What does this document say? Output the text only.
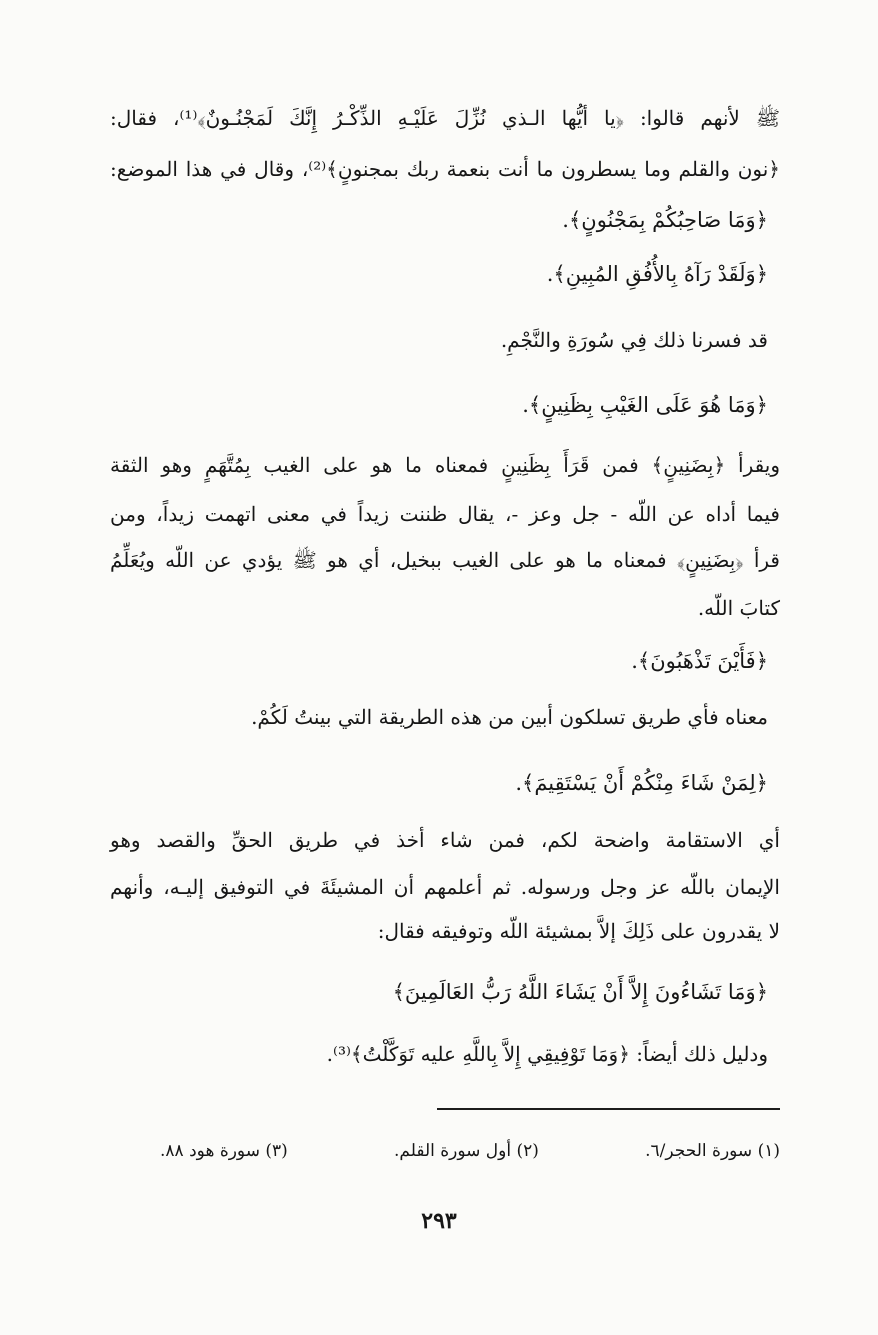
ﷺ لأنهم قالوا: ﴿يا أيُّها الـذي نُزِّلَ عَلَيْـهِ الذِّكْـرُ إِنَّكَ لَمَجْنُـونٌ﴾⁽¹⁾، فقال:
﴿نون والقلم وما يسطرون ما أنت بنعمة ربك بمجنونٍ﴾⁽²⁾، وقال في هذا الموضع:
﴿وَمَا صَاحِبُكُمْ بِمَجْنُونٍ﴾.
﴿وَلَقَدْ رَآهُ بِالأُفُقِ المُبِينِ﴾.
قد فسرنا ذلك فِي سُورَةِ والنَّجْمِ.
﴿وَمَا هُوَ عَلَى الغَيْبِ بِظَنِينٍ﴾.
ويقرأ ﴿بِضَنِينٍ﴾ فمن قَرَأَ بِظَنِينٍ فمعناه ما هو على الغيب بِمُتَّهَمٍ وهو الثقة
فيما أداه عن اللّه - جل وعز -، يقال ظننت زيداً في معنى اتهمت زيداً، ومن
قرأ ﴿بِضَنِينٍ﴾ فمعناه ما هو على الغيب ببخيل، أي هو ﷺ يؤدي عن اللّه ويُعَلِّمُ
كتابَ اللّه.
﴿فَأَيْنَ تَذْهَبُونَ﴾.
معناه فأي طريق تسلكون أبين من هذه الطريقة التي بينتُ لَكُمْ.
﴿لِمَنْ شَاءَ مِنْكُمْ أَنْ يَسْتَقِيمَ﴾.
أي الاستقامة واضحة لكم، فمن شاء أخذ في طريق الحقِّ والقصد وهو
الإيمان باللّه عز وجل ورسوله. ثم أعلمهم أن المشيئَةَ في التوفيق إليـه، وأنهم
لا يقدرون على ذَلِكَ إلاَّ بمشيئة اللّه وتوفيقه فقال:
﴿وَمَا تَشَاءُونَ إِلاَّ أَنْ يَشَاءَ اللَّهُ رَبُّ العَالَمِينَ﴾
ودليل ذلك أيضاً: ﴿وَمَا تَوْفِيقِي إِلاَّ بِاللَّهِ عليه تَوَكَّلْتُ﴾⁽³⁾.
(١) سورة الحجر/٦.
(٢) أول سورة القلم.
(٣) سورة هود ٨٨.
٢٩٣
